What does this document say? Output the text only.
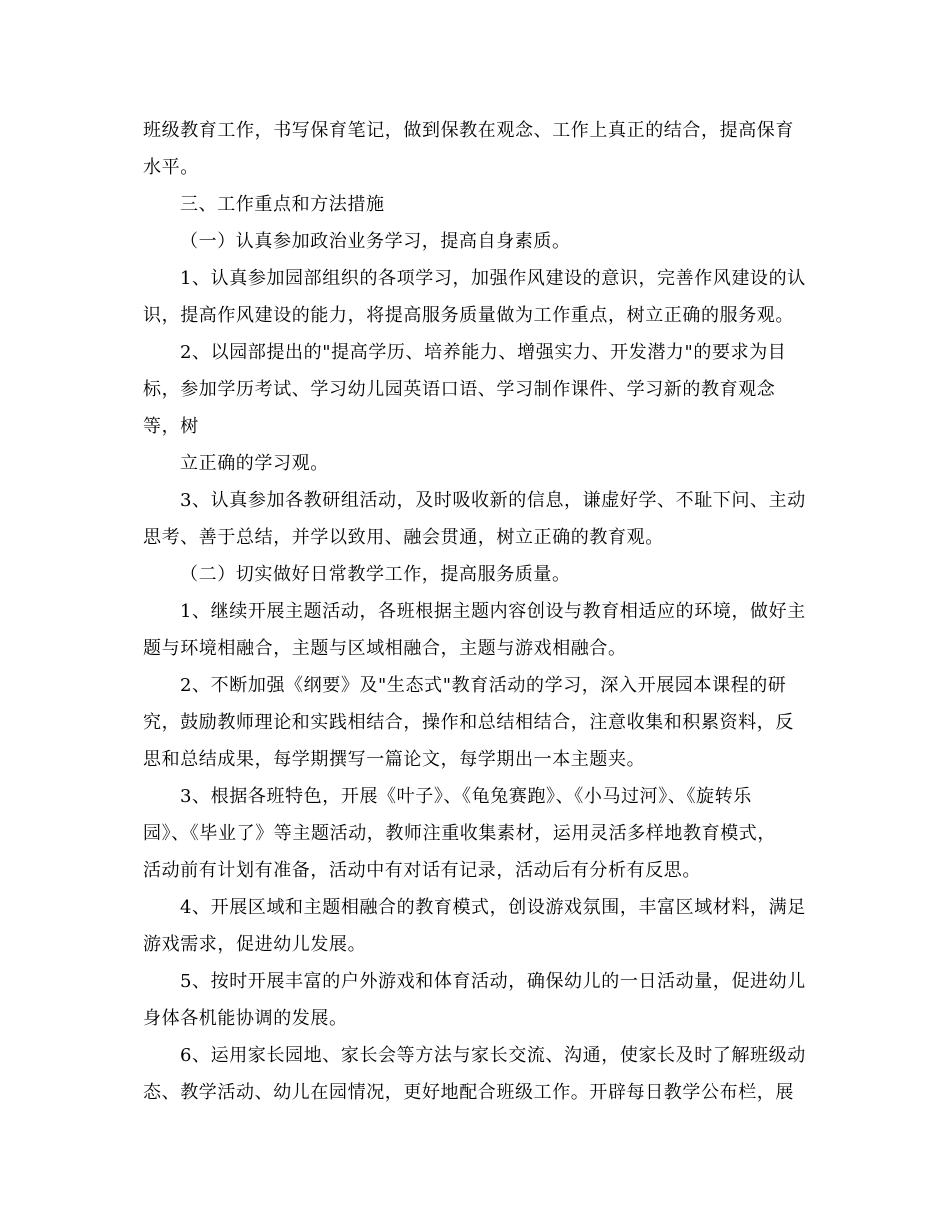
班级教育工作，书写保育笔记，做到保教在观念、工作上真正的结合，提高保育
水平。
三、工作重点和方法措施
（一）认真参加政治业务学习，提高自身素质。
1、认真参加园部组织的各项学习，加强作风建设的意识，完善作风建设的认
识，提高作风建设的能力，将提高服务质量做为工作重点，树立正确的服务观。
2、以园部提出的"提高学历、培养能力、增强实力、开发潜力"的要求为目
标，参加学历考试、学习幼儿园英语口语、学习制作课件、学习新的教育观念
等，树
立正确的学习观。
3、认真参加各教研组活动，及时吸收新的信息，谦虚好学、不耻下问、主动
思考、善于总结，并学以致用、融会贯通，树立正确的教育观。
（二）切实做好日常教学工作，提高服务质量。
1、继续开展主题活动，各班根据主题内容创设与教育相适应的环境，做好主
题与环境相融合，主题与区域相融合，主题与游戏相融合。
2、不断加强《纲要》及"生态式"教育活动的学习，深入开展园本课程的研
究，鼓励教师理论和实践相结合，操作和总结相结合，注意收集和积累资料，反
思和总结成果，每学期撰写一篇论文，每学期出一本主题夹。
3、根据各班特色，开展《叶子》、《龟兔赛跑》、《小马过河》、《旋转乐
园》、《毕业了》等主题活动，教师注重收集素材，运用灵活多样地教育模式，
活动前有计划有准备，活动中有对话有记录，活动后有分析有反思。
4、开展区域和主题相融合的教育模式，创设游戏氛围，丰富区域材料，满足
游戏需求，促进幼儿发展。
5、按时开展丰富的户外游戏和体育活动，确保幼儿的一日活动量，促进幼儿
身体各机能协调的发展。
6、运用家长园地、家长会等方法与家长交流、沟通，使家长及时了解班级动
态、教学活动、幼儿在园情况，更好地配合班级工作。开辟每日教学公布栏，展
